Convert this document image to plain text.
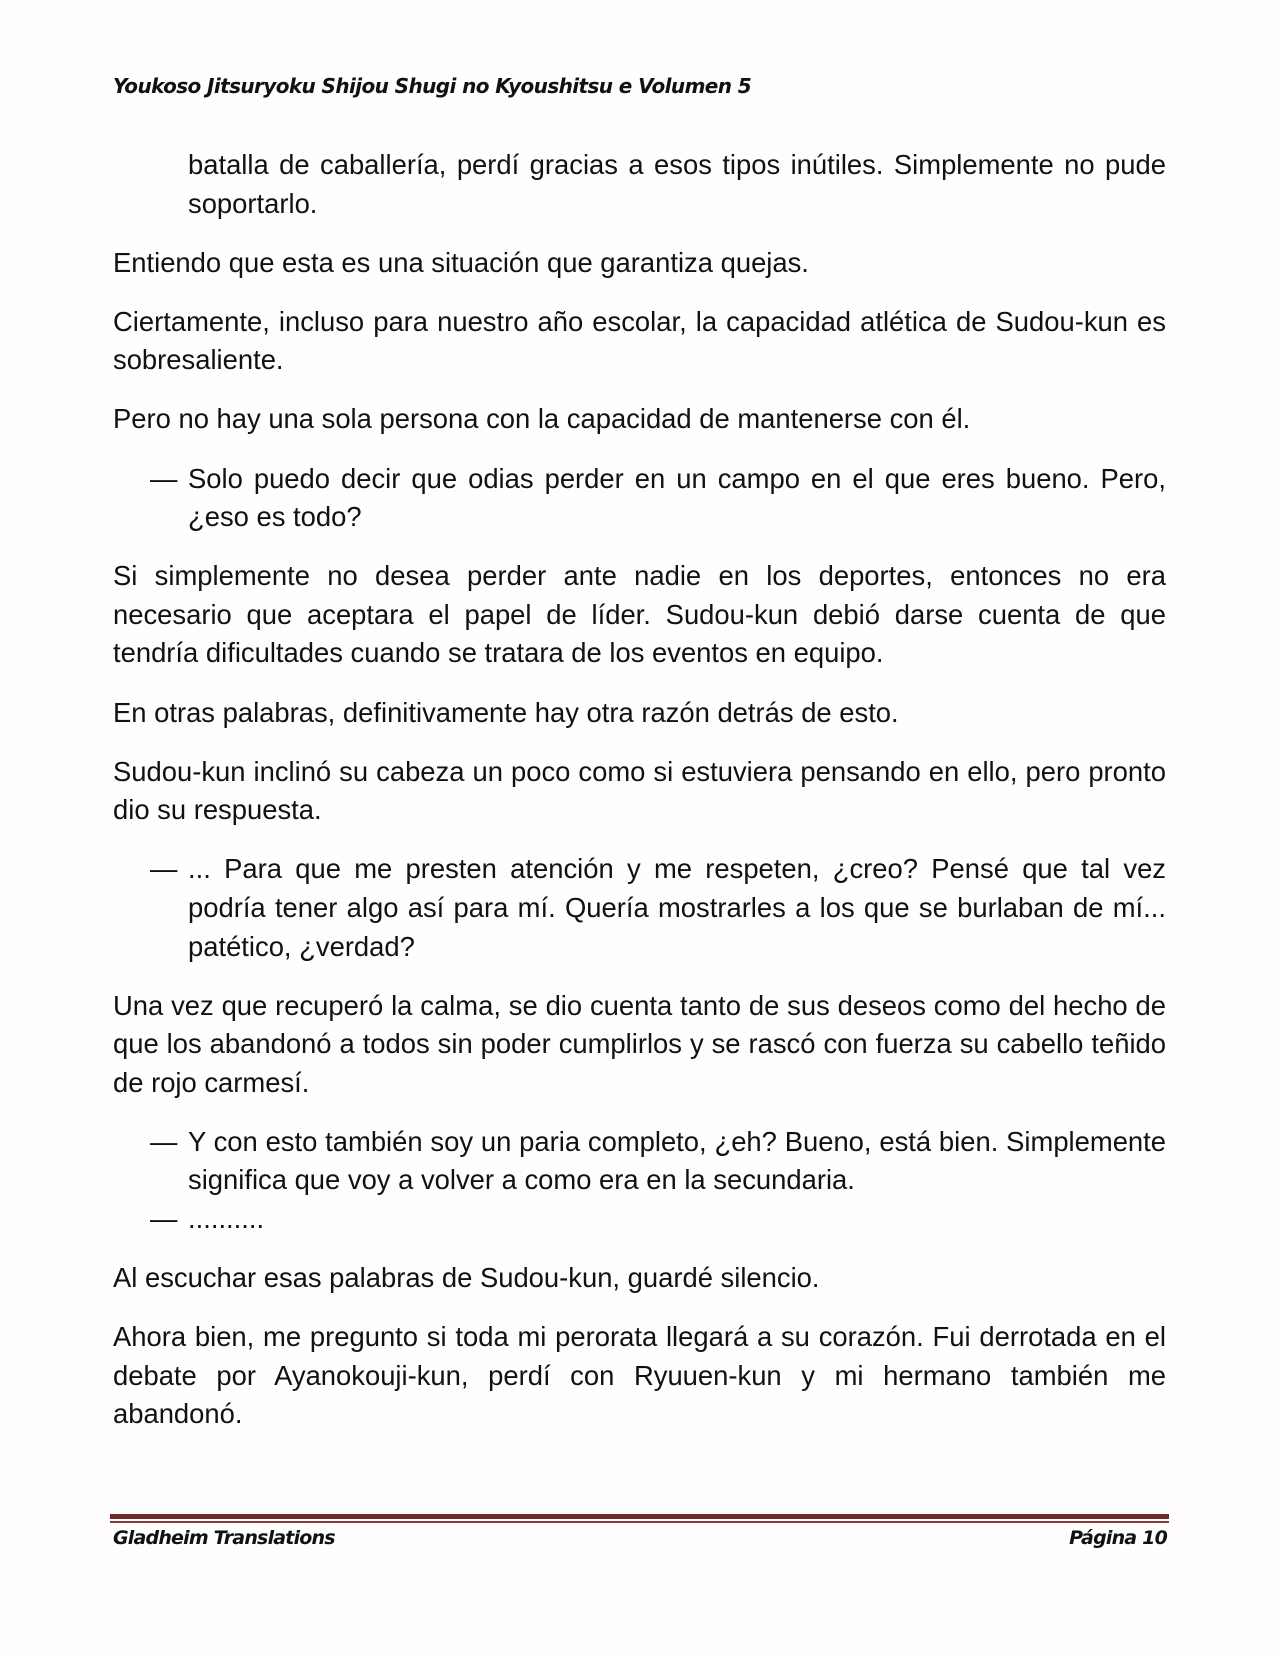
Youkoso Jitsuryoku Shijou Shugi no Kyoushitsu e Volumen 5

batalla de caballería, perdí gracias a esos tipos inútiles. Simplemente no pude soportarlo.

Entiendo que esta es una situación que garantiza quejas.

Ciertamente, incluso para nuestro año escolar, la capacidad atlética de Sudou-kun es sobresaliente.

Pero no hay una sola persona con la capacidad de mantenerse con él.

— Solo puedo decir que odias perder en un campo en el que eres bueno. Pero, ¿eso es todo?

Si simplemente no desea perder ante nadie en los deportes, entonces no era necesario que aceptara el papel de líder. Sudou-kun debió darse cuenta de que tendría dificultades cuando se tratara de los eventos en equipo.

En otras palabras, definitivamente hay otra razón detrás de esto.

Sudou-kun inclinó su cabeza un poco como si estuviera pensando en ello, pero pronto dio su respuesta.

— ... Para que me presten atención y me respeten, ¿creo? Pensé que tal vez podría tener algo así para mí. Quería mostrarles a los que se burlaban de mí... patético, ¿verdad?

Una vez que recuperó la calma, se dio cuenta tanto de sus deseos como del hecho de que los abandonó a todos sin poder cumplirlos y se rascó con fuerza su cabello teñido de rojo carmesí.

— Y con esto también soy un paria completo, ¿eh? Bueno, está bien. Simplemente significa que voy a volver a como era en la secundaria.
— ..........

Al escuchar esas palabras de Sudou-kun, guardé silencio.

Ahora bien, me pregunto si toda mi perorata llegará a su corazón. Fui derrotada en el debate por Ayanokouji-kun, perdí con Ryuuen-kun y mi hermano también me abandonó.

Gladheim Translations	Página 10
